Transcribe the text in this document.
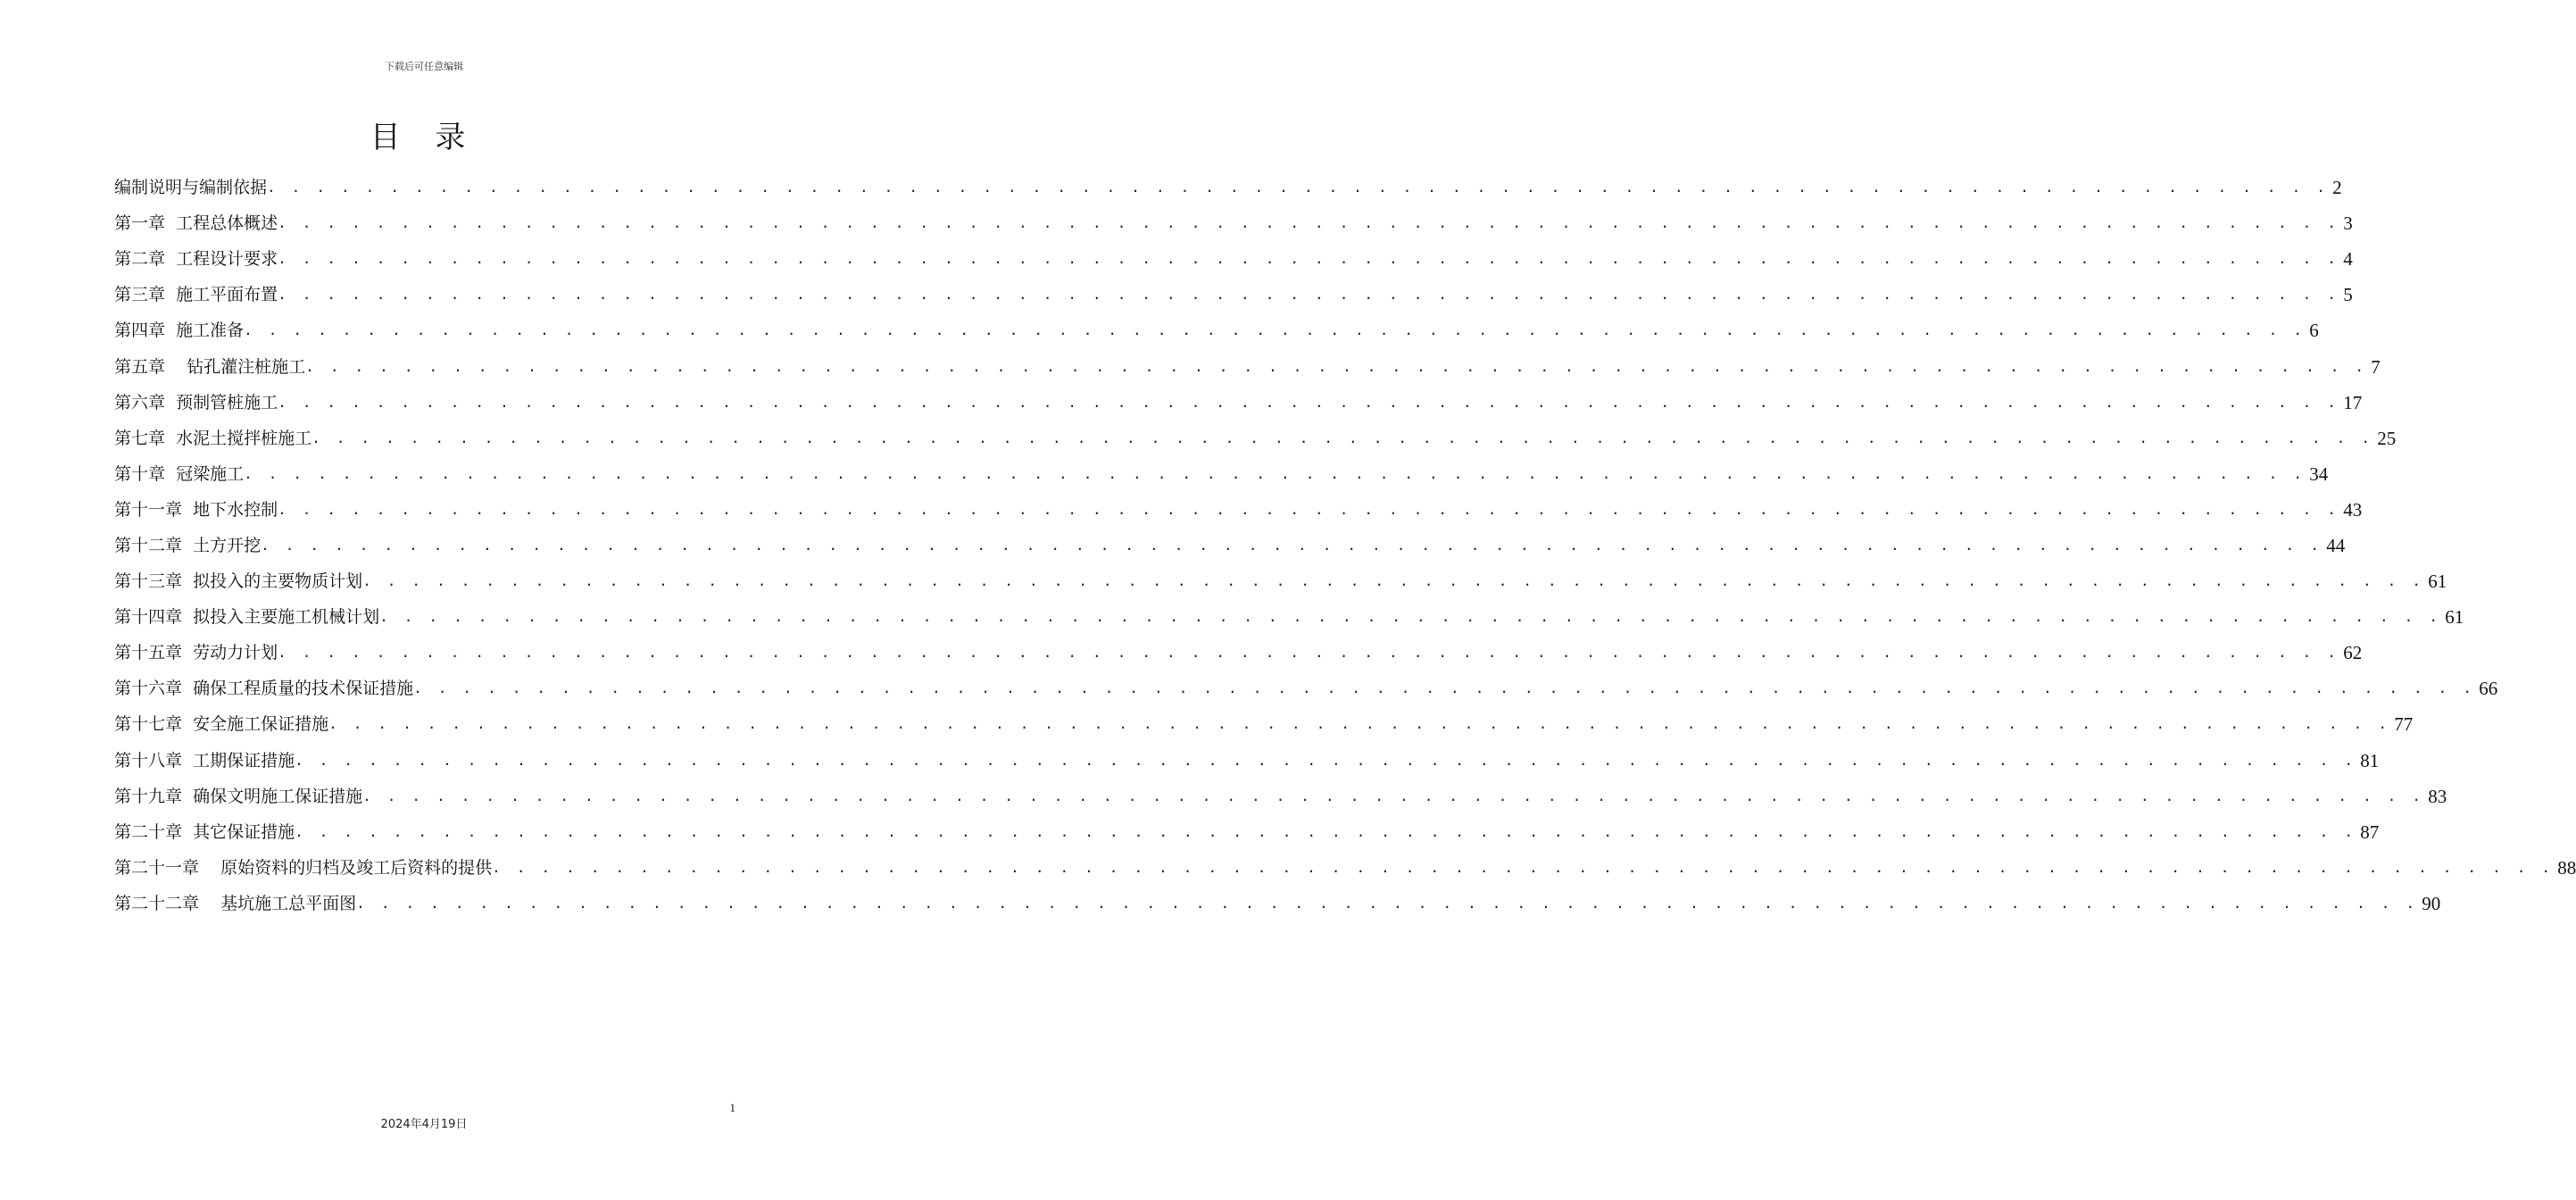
下载后可任意编辑
目 录
编制说明与编制依据 . . . . . . . . . . . . . . . . . . . . . . . . . . . . . . . . . . . . . . . . . . . . . . . . . . . . . . . . . . . . . . . . . . . . . . . . . . . . . . . . . . . . 2
第一章  工程总体概述 . . . . . . . . . . . . . . . . . . . . . . . . . . . . . . . . . . . . . . . . . . . . . . . . . . . . . . . . . . . . . . . . . . . . . . . . . . . . . . . . . . . . 3
第二章  工程设计要求 . . . . . . . . . . . . . . . . . . . . . . . . . . . . . . . . . . . . . . . . . . . . . . . . . . . . . . . . . . . . . . . . . . . . . . . . . . . . . . . . . . . . 4
第三章  施工平面布置 . . . . . . . . . . . . . . . . . . . . . . . . . . . . . . . . . . . . . . . . . . . . . . . . . . . . . . . . . . . . . . . . . . . . . . . . . . . . . . . . . . . . 5
第四章  施工准备 . . . . . . . . . . . . . . . . . . . . . . . . . . . . . . . . . . . . . . . . . . . . . . . . . . . . . . . . . . . . . . . . . . . . . . . . . . . . . . . . . . . . 6
第五章    钻孔灌注桩施工 . . . . . . . . . . . . . . . . . . . . . . . . . . . . . . . . . . . . . . . . . . . . . . . . . . . . . . . . . . . . . . . . . . . . . . . . . . . . . . . . . . . . 7
第六章  预制管桩施工 . . . . . . . . . . . . . . . . . . . . . . . . . . . . . . . . . . . . . . . . . . . . . . . . . . . . . . . . . . . . . . . . . . . . . . . . . . . . . . . . . . . . 17
第七章  水泥土搅拌桩施工 . . . . . . . . . . . . . . . . . . . . . . . . . . . . . . . . . . . . . . . . . . . . . . . . . . . . . . . . . . . . . . . . . . . . . . . . . . . . . . . . . . . . 25
第十章  冠梁施工 . . . . . . . . . . . . . . . . . . . . . . . . . . . . . . . . . . . . . . . . . . . . . . . . . . . . . . . . . . . . . . . . . . . . . . . . . . . . . . . . . . . . 34
第十一章  地下水控制 . . . . . . . . . . . . . . . . . . . . . . . . . . . . . . . . . . . . . . . . . . . . . . . . . . . . . . . . . . . . . . . . . . . . . . . . . . . . . . . . . . . . 43
第十二章  土方开挖 . . . . . . . . . . . . . . . . . . . . . . . . . . . . . . . . . . . . . . . . . . . . . . . . . . . . . . . . . . . . . . . . . . . . . . . . . . . . . . . . . . . . 44
第十三章  拟投入的主要物质计划 . . . . . . . . . . . . . . . . . . . . . . . . . . . . . . . . . . . . . . . . . . . . . . . . . . . . . . . . . . . . . . . . . . . . . . . . . . . . . . . . . . . . 61
第十四章  拟投入主要施工机械计划 . . . . . . . . . . . . . . . . . . . . . . . . . . . . . . . . . . . . . . . . . . . . . . . . . . . . . . . . . . . . . . . . . . . . . . . . . . . . . . . . . . . . 61
第十五章  劳动力计划 . . . . . . . . . . . . . . . . . . . . . . . . . . . . . . . . . . . . . . . . . . . . . . . . . . . . . . . . . . . . . . . . . . . . . . . . . . . . . . . . . . . . 62
第十六章  确保工程质量的技术保证措施 . . . . . . . . . . . . . . . . . . . . . . . . . . . . . . . . . . . . . . . . . . . . . . . . . . . . . . . . . . . . . . . . . . . . . . . . . . . . . . . . . . . . 66
第十七章  安全施工保证措施 . . . . . . . . . . . . . . . . . . . . . . . . . . . . . . . . . . . . . . . . . . . . . . . . . . . . . . . . . . . . . . . . . . . . . . . . . . . . . . . . . . . . 77
第十八章  工期保证措施 . . . . . . . . . . . . . . . . . . . . . . . . . . . . . . . . . . . . . . . . . . . . . . . . . . . . . . . . . . . . . . . . . . . . . . . . . . . . . . . . . . . . 81
第十九章  确保文明施工保证措施 . . . . . . . . . . . . . . . . . . . . . . . . . . . . . . . . . . . . . . . . . . . . . . . . . . . . . . . . . . . . . . . . . . . . . . . . . . . . . . . . . . . . 83
第二十章  其它保证措施 . . . . . . . . . . . . . . . . . . . . . . . . . . . . . . . . . . . . . . . . . . . . . . . . . . . . . . . . . . . . . . . . . . . . . . . . . . . . . . . . . . . . 87
第二十一章    原始资料的归档及竣工后资料的提供 . . . . . . . . . . . . . . . . . . . . . . . . . . . . . . . . . . . . . . . . . . . . . . . . . . . . . . . . . . . . . . . . . . . . . . . . . . . . . . . . . . . . 88
第二十二章    基坑施工总平面图 . . . . . . . . . . . . . . . . . . . . . . . . . . . . . . . . . . . . . . . . . . . . . . . . . . . . . . . . . . . . . . . . . . . . . . . . . . . . . . . . . . . . 90
1
2024年4月19日
